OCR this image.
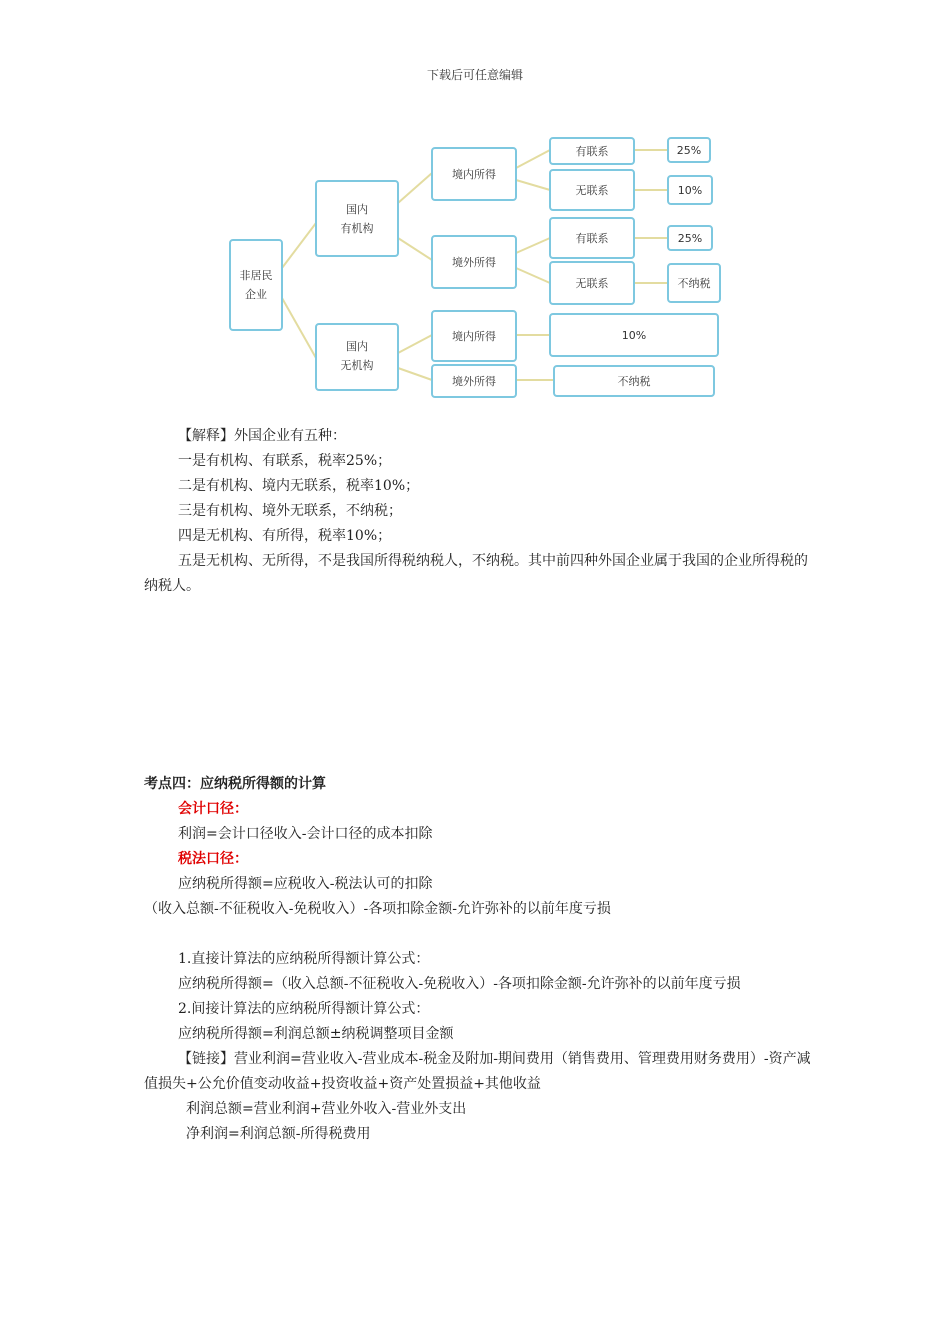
下载后可任意编辑
非居民
企业
国内
有机构
国内
无机构
境内所得
境外所得
境内所得
境外所得
有联系
无联系
有联系
无联系
10%
不纳税
25%
10%
25%
不纳税
【解释】外国企业有五种：
一是有机构、有联系，税率25%；
二是有机构、境内无联系，税率10%；
三是有机构、境外无联系，不纳税；
四是无机构、有所得，税率10%；
五是无机构、无所得，不是我国所得税纳税人，不纳税。其中前四种外国企业属于我国的企业所得税的纳税人。
考点四：应纳税所得额的计算
会计口径：
利润=会计口径收入-会计口径的成本扣除
税法口径：
应纳税所得额=应税收入-税法认可的扣除
（收入总额-不征税收入-免税收入）-各项扣除金额-允许弥补的以前年度亏损
1.直接计算法的应纳税所得额计算公式：
应纳税所得额=（收入总额-不征税收入-免税收入）-各项扣除金额-允许弥补的以前年度亏损
2.间接计算法的应纳税所得额计算公式：
应纳税所得额=利润总额±纳税调整项目金额
【链接】营业利润=营业收入-营业成本-税金及附加-期间费用（销售费用、管理费用财务费用）-资产减值损失+公允价值变动收益+投资收益+资产处置损益+其他收益
利润总额=营业利润+营业外收入-营业外支出
净利润=利润总额-所得税费用
